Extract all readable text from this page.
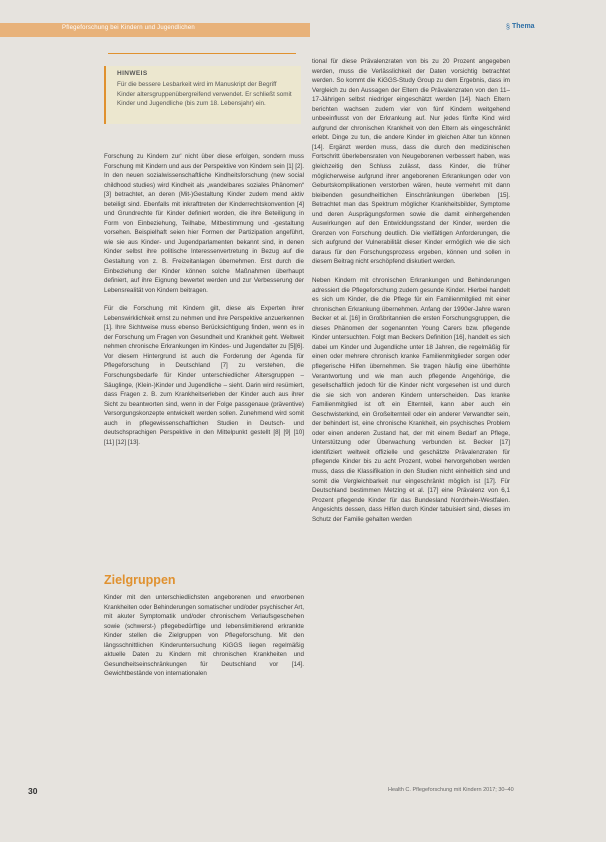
Pflegeforschung bei Kindern und Jugendlichen	§ Thema
HINWEIS
Für die bessere Lesbarkeit wird im Manuskript der Begriff Kinder altersgruppenübergreifend verwendet. Er schließt somit Kinder und Jugendliche (bis zum 18. Lebensjahr) ein.

Forschung zu Kindern zur' nicht über diese erfolgen, sondern muss Forschung mit Kindern und aus der Perspektive von Kindern sein [1] [2]. In den neuen sozialwissenschaftliche Kindheitsforschung (new social childhood studies) wird Kindheit als „wandelbares soziales Phänomen“ [3] betrachtet, an deren (Mit-)Gestaltung Kinder zudem mend aktiv beteiligt sind. Ebenfalls mit inkrafttreten der Kinderrechtskonvention [4] und Grundrechte für Kinder definiert worden, die ihre Beteiligung in Form von Einbeziehung, Teilhabe, Mitbestimmung und -gestaltung vorsehen. Beispielhaft seien hier Formen der Partizipation angeführt, wie sie aus Kinder- und Jugendparlamenten bekannt sind, in denen Kinder selbst ihre politische Interessenvertretung in Bezug auf die Gestaltung von z. B. Freizeitanlagen übernehmen. Erst durch die Einbeziehung der Kinder können solche Maßnahmen überhaupt definiert, auf ihre Eignung bewertet werden und zur Verbesserung der Lebensrealität von Kindern beitragen.

Für die Forschung mit Kindern gilt, diese als Experten ihrer Lebenswirklichkeit ernst zu nehmen und ihre Perspektive anzuerkennen [1]. Ihre Sichtweise muss ebenso Berücksichtigung finden, wenn es in der Forschung um Fragen von Gesundheit und Krankheit geht. Weltweit nehmen chronische Erkrankungen im Kindes- und Jugendalter zu [5][6]. Vor diesem Hintergrund ist auch die Forderung der Agenda für Pflegeforschung in Deutschland [7] zu verstehen, die Forschungsbedarfe für Kinder unterschiedlicher Altersgruppen – Säuglinge, (Klein-)Kinder und Jugendliche – sieht. Darin wird resümiert, dass Fragen z. B. zum Krankheitserleben der Kinder auch aus ihrer Sicht zu beantworten sind, wenn in der Folge passgenaue (präventive) Versorgungskonzepte entwickelt werden sollen. Zunehmend wird somit auch in pflegewissenschaftlichen Studien in Deutsch- und deutschsprachigen Perspektive in den Mittelpunkt gestellt [8] [9] [10] [11] [12] [13].

Zielgruppen

Kinder mit den unterschiedlichsten angeborenen und erworbenen Krankheiten oder Behinderungen somatischer und/oder psychischer Art, mit akuter Symptomatik und/oder chronischem Verlaufsgeschehen sowie (schwerst-) pflegebedürftige und lebenslimitierend erkrankte Kinder stellen die Zielgruppen von Pflegeforschung. Mit den längsschnittlichen Kinderuntersuchung KiGGS liegen regelmäßig aktuelle Daten zu Kindern mit chronischen Krankheiten und Gesundheitseinschränkungen für Deutschland vor [14]. Gewichtbestände von internationalen

tional für diese Prävalenzraten von bis zu 20 Prozent angegeben werden, muss die Verlässlichkeit der Daten vorsichtig betrachtet werden. So kommt die KiGGS-Study Group zu dem Ergebnis, dass im Vergleich zu den Aussagen der Eltern die Prävalenzraten von den 11–17-Jährigen selbst niedriger eingeschätzt werden [14]. Nach Eltern berichten wachsen zudem vier von fünf Kindern weitgehend unbeeinflusst von der Erkrankung auf. Nur jedes fünfte Kind wird aufgrund der chronischen Krankheit von den Eltern als eingeschränkt erlebt. Dinge zu tun, die andere Kinder im gleichen Alter tun können [14]. Ergänzt werden muss, dass die durch den medizinischen Fortschritt überlebensraten von Neugeborenen verbessert haben, was gleichzeitig den Schluss zulässt, dass Kinder, die früher möglicherweise aufgrund ihrer angeborenen Erkrankungen oder von Geburtskomplikationen verstorben wären, heute vermehrt mit dann bleibenden gesundheitlichen Einschränkungen überleben [15]. Betrachtet man das Spektrum möglicher Krankheitsbilder, Symptome und deren Ausprägungsformen sowie die damit einhergehenden Auswirkungen auf den Entwicklungsstand der Kinder, werden die Grenzen von Forschung deutlich. Die vielfältigen Anforderungen, die sich aufgrund der Vulnerabilität dieser Kinder ermöglich wie die sich daraus für den Forschungsprozess ergeben, können und sollen in diesem Beitrag nicht erschöpfend diskutiert werden.

Neben Kindern mit chronischen Erkrankungen und Behinderungen adressiert die Pflegeforschung zudem gesunde Kinder. Hierbei handelt es sich um Kinder, die die Pflege für ein Familienmitglied mit einer chronischen Erkrankung übernehmen. Anfang der 1990er-Jahre waren Becker et al. [16] in Großbritannien die ersten Forschungsgruppen, die dieses Phänomen der sogenannten Young Carers bzw. pflegende Kinder untersuchten. Folgt man Beckers Definition [16], handelt es sich dabei um Kinder und Jugendliche unter 18 Jahren, die regelmäßig für einen oder mehrere chronisch kranke Familienmitglieder sorgen oder pflegerische Hilfen übernehmen. Sie tragen häufig eine überhöhte Verantwortung und wie man auch pflegende Angehörige, die gesellschaftlich jedoch für die Kinder nicht vorgesehen ist und durch die sie sich von anderen Kindern unterscheiden. Das kranke Familienmitglied ist oft ein Elternteil, kann aber auch ein Geschwisterkind, ein Großelternteil oder ein anderer Verwandter sein, der behindert ist, eine chronische Krankheit, ein psychisches Problem oder einen anderen Zustand hat, der mit einem Bedarf an Pflege, Unterstützung oder Überwachung verbunden ist. Becker [17] identifiziert weltweit offizielle und geschätzte Prävalenzraten für pflegende Kinder bis zu acht Prozent, wobei hervorgehoben werden muss, dass die Klassifikation in den Studien nicht einheitlich sind und somit die Vergleichbarkeit nur eingeschränkt möglich ist [17]. Für Deutschland bestimmen Metzing et al. [17] eine Prävalenz von 6,1 Prozent pflegende Kinder für das Bundesland Nordrhein-Westfalen. Angesichts dessen, dass Hilfen durch Kinder tabuisiert sind, dieses im Schutz der Familie gehalten werden

30	Health C. Pflegeforschung mit Kindern 2017; 30–40
